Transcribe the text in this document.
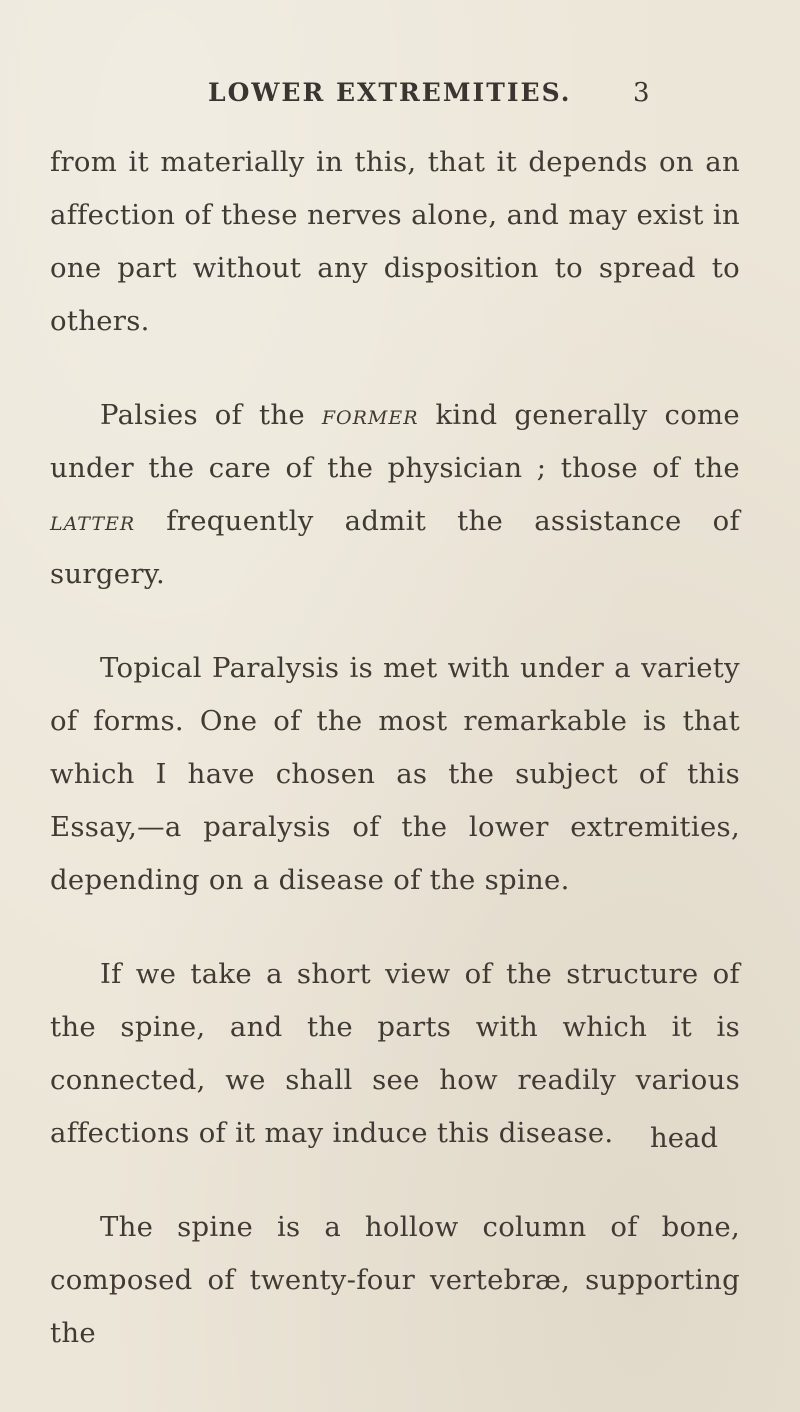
LOWER EXTREMITIES. 3

from it materially in this, that it depends on an affection of these nerves alone, and may exist in one part without any disposition to spread to others.

Palsies of the former kind generally come under the care of the physician ; those of the latter frequently admit the assistance of surgery.

Topical Paralysis is met with under a variety of forms. One of the most remarkable is that which I have chosen as the subject of this Essay,—a paralysis of the lower extremities, depending on a disease of the spine.

If we take a short view of the structure of the spine, and the parts with which it is connected, we shall see how readily various affections of it may induce this disease.

The spine is a hollow column of bone, composed of twenty-four vertebræ, supporting the

head
